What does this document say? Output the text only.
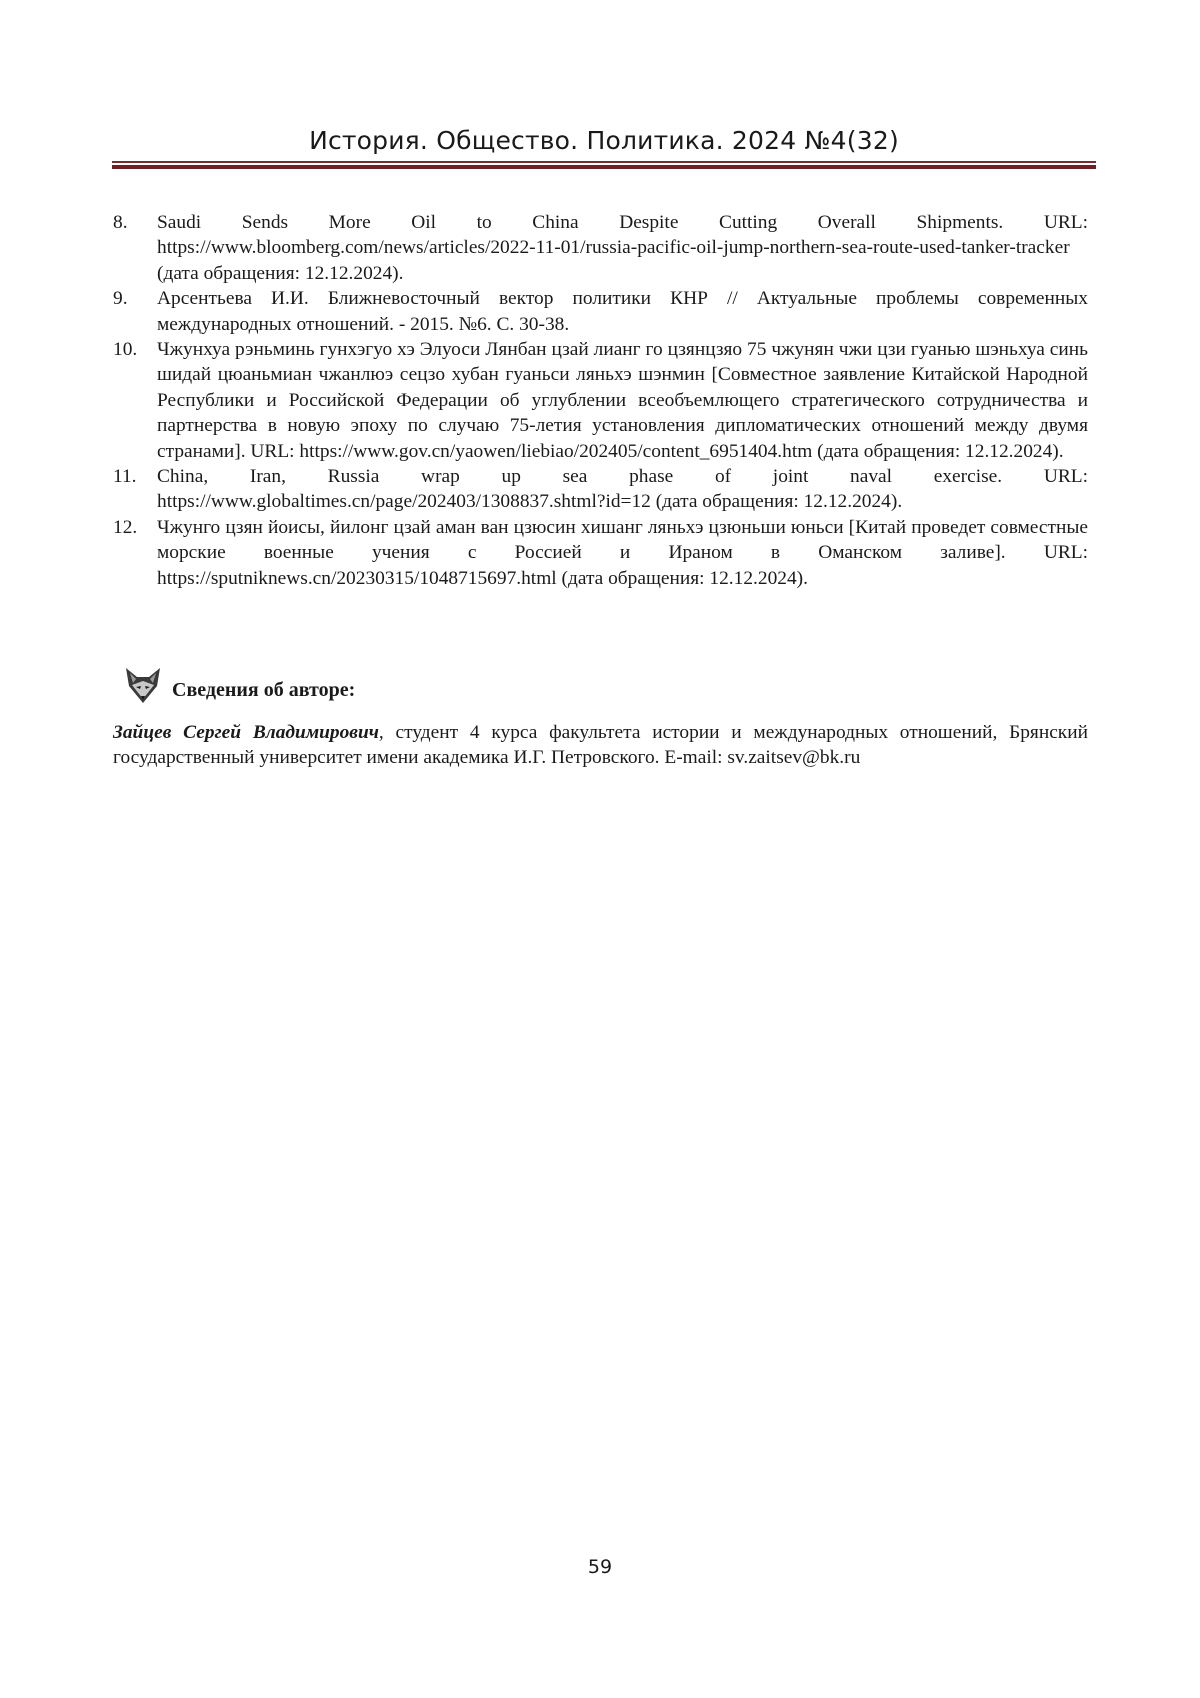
История. Общество. Политика. 2024 №4(32)
8. Saudi Sends More Oil to China Despite Cutting Overall Shipments. URL: https://www.bloomberg.com/news/articles/2022-11-01/russia-pacific-oil-jump-northern-sea-route-used-tanker-tracker (дата обращения: 12.12.2024).
9. Арсентьева И.И. Ближневосточный вектор политики КНР // Актуальные проблемы современных международных отношений. - 2015. №6. С. 30-38.
10. Чжунхуа рэньминь гунхэгуо хэ Элуоси Лянбан цзай лианг го цзянцзяо 75 чжунян чжи цзи гуанью шэньхуа синь шидай цюаньмиан чжанлюэ сецзо хубан гуаньси ляньхэ шэнмин [Совместное заявление Китайской Народной Республики и Российской Федерации об углублении всеобъемлющего стратегического сотрудничества и партнерства в новую эпоху по случаю 75-летия установления дипломатических отношений между двумя странами]. URL: https://www.gov.cn/yaowen/liebiao/202405/content_6951404.htm (дата обращения: 12.12.2024).
11. China, Iran, Russia wrap up sea phase of joint naval exercise. URL: https://www.globaltimes.cn/page/202403/1308837.shtml?id=12 (дата обращения: 12.12.2024).
12. Чжунго цзян йоисы, йилонг цзай аман ван цзюсин хишанг ляньхэ цзюньши юньси [Китай проведет совместные морские военные учения с Россией и Ираном в Оманском заливе]. URL: https://sputniknews.cn/20230315/1048715697.html (дата обращения: 12.12.2024).
Сведения об авторе:

Зайцев Сергей Владимирович, студент 4 курса факультета истории и международных отношений, Брянский государственный университет имени академика И.Г. Петровского. E-mail: sv.zaitsev@bk.ru

59
